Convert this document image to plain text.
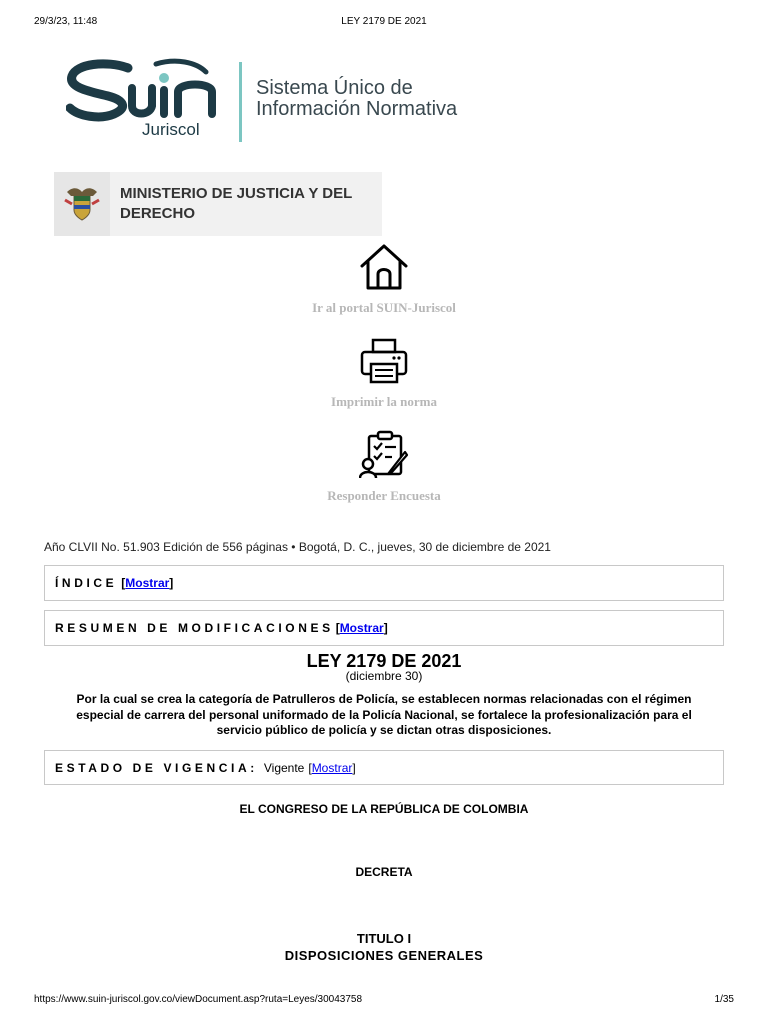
29/3/23, 11:48	LEY 2179 DE 2021
Juriscol
Sistema Único de
Información Normativa
MINISTERIO DE JUSTICIA Y DEL DERECHO
Ir al portal SUIN-Juriscol
Imprimir la norma
Responder Encuesta
Año CLVII No. 51.903 Edición de 556 páginas • Bogotá, D. C., jueves, 30 de diciembre de 2021
ÍNDICE [ Mostrar ]
RESUMEN DE MODIFICACIONES [ Mostrar ]
LEY 2179 DE 2021
(diciembre 30)
Por la cual se crea la categoría de Patrulleros de Policía, se establecen normas relacionadas con el régimen especial de carrera del personal uniformado de la Policía Nacional, se fortalece la profesionalización para el servicio público de policía y se dictan otras disposiciones.
ESTADO DE VIGENCIA: Vigente [ Mostrar ]
EL CONGRESO DE LA REPÚBLICA DE COLOMBIA
DECRETA
TITULO I
DISPOSICIONES GENERALES
https://www.suin-juriscol.gov.co/viewDocument.asp?ruta=Leyes/30043758	1/35
